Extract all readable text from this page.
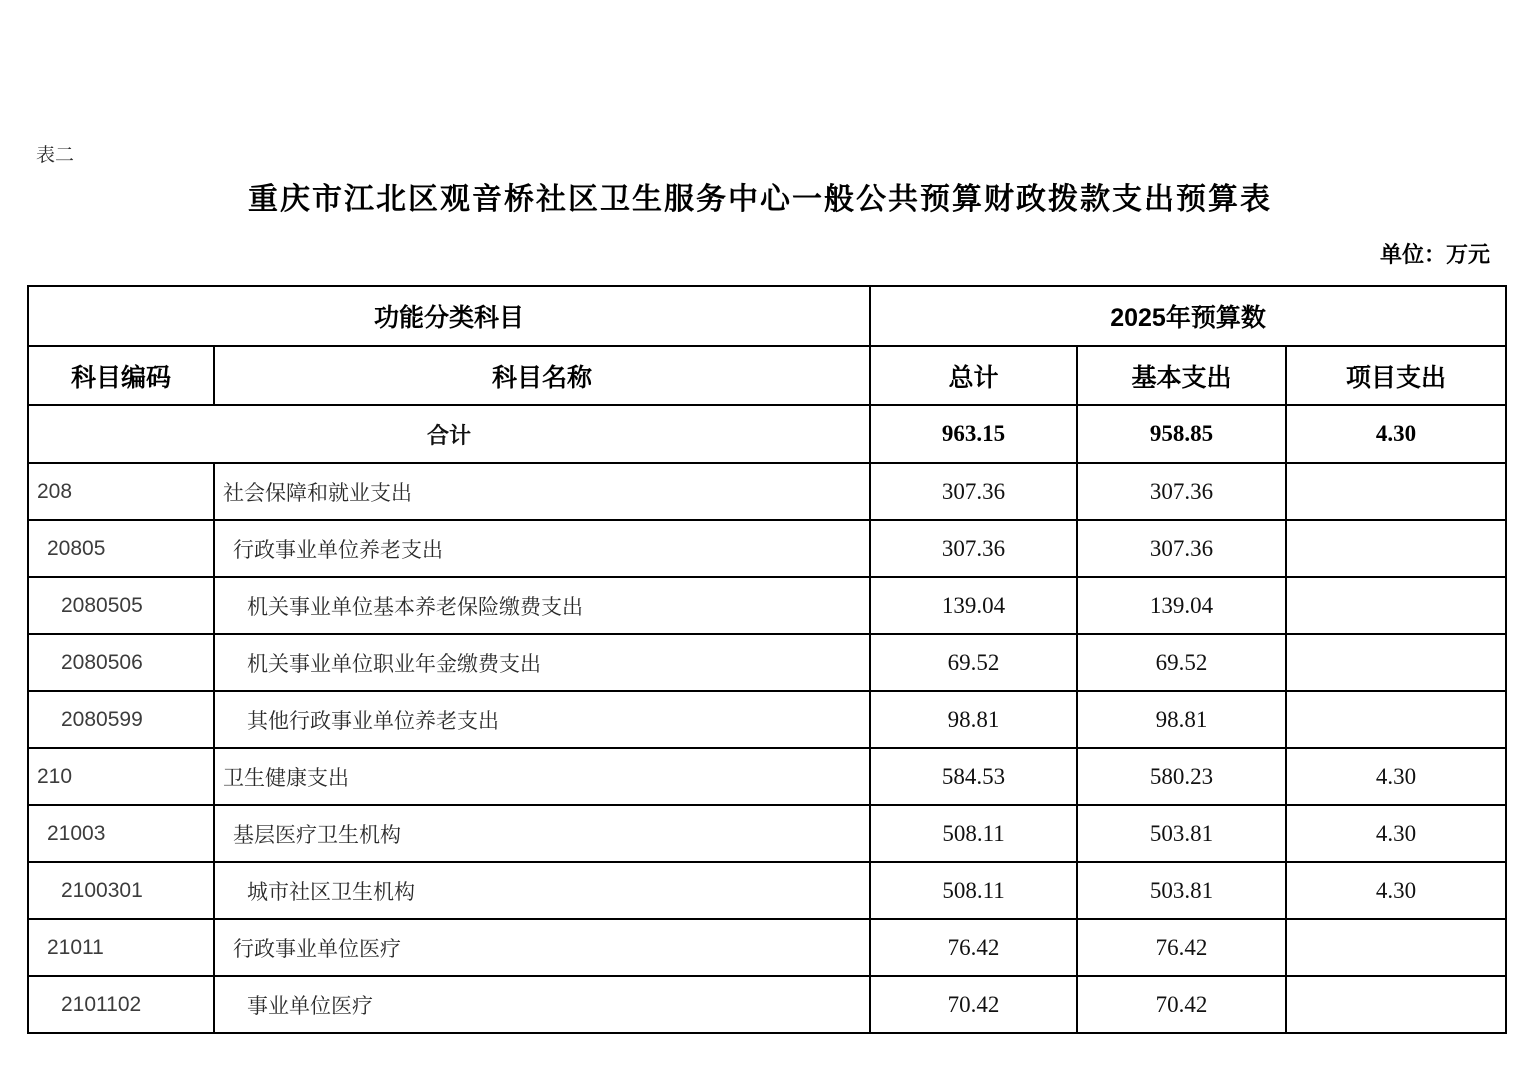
表二
重庆市江北区观音桥社区卫生服务中心一般公共预算财政拨款支出预算表
单位：万元
功能分类科目		2025年预算数		
科目编码	科目名称	总计	基本支出	项目支出
合计		963.15	958.85	4.30
208	社会保障和就业支出	307.36	307.36	
20805	行政事业单位养老支出	307.36	307.36	
2080505	机关事业单位基本养老保险缴费支出	139.04	139.04	
2080506	机关事业单位职业年金缴费支出	69.52	69.52	
2080599	其他行政事业单位养老支出	98.81	98.81	
210	卫生健康支出	584.53	580.23	4.30
21003	基层医疗卫生机构	508.11	503.81	4.30
2100301	城市社区卫生机构	508.11	503.81	4.30
21011	行政事业单位医疗	76.42	76.42	
2101102	事业单位医疗	70.42	70.42	
